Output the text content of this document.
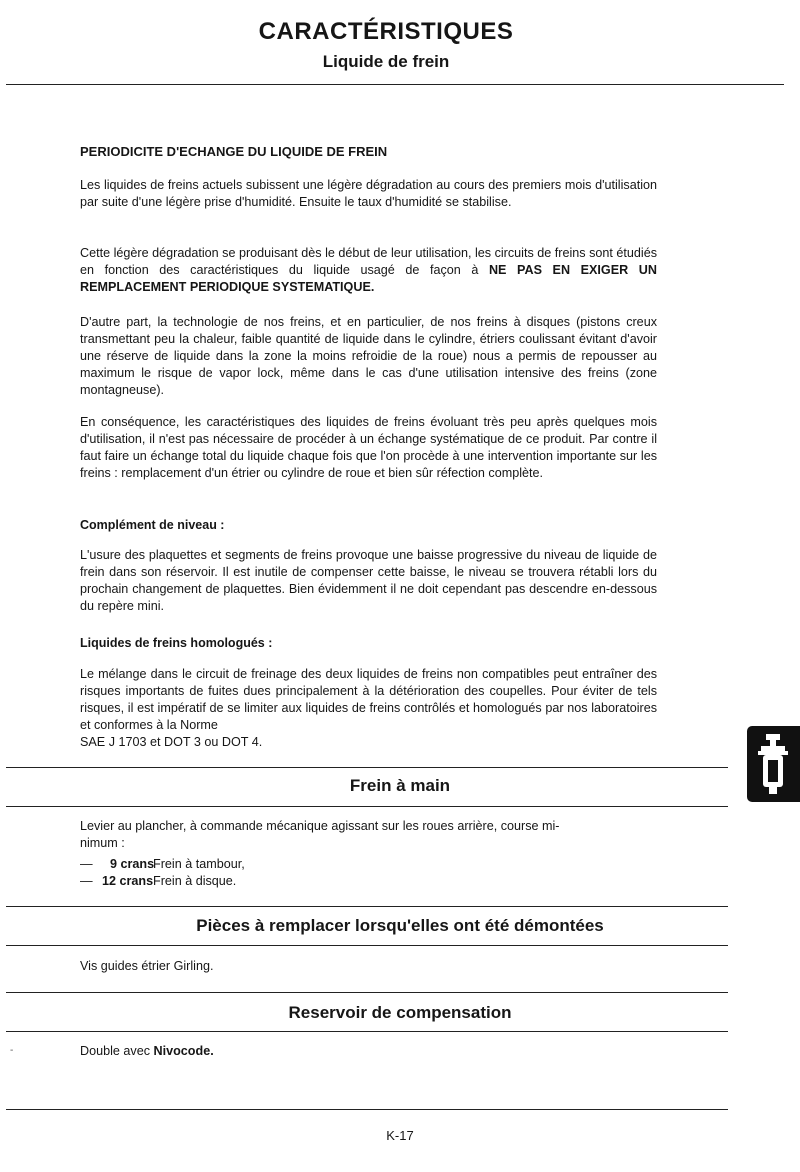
CARACTÉRISTIQUES
Liquide de frein
PERIODICITE D'ECHANGE DU LIQUIDE DE FREIN
Les liquides de freins actuels subissent une légère dégradation au cours des premiers mois d'utilisation par suite d'une légère prise d'humidité. Ensuite le taux d'humidité se stabilise.
Cette légère dégradation se produisant dès le début de leur utilisation, les circuits de freins sont étudiés en fonction des caractéristiques du liquide usagé de façon à NE PAS EN EXIGER UN REMPLACEMENT PERIODIQUE SYSTEMATIQUE.
D'autre part, la technologie de nos freins, et en particulier, de nos freins à disques (pistons creux transmettant peu la chaleur, faible quantité de liquide dans le cylindre, étriers coulissant évitant d'avoir une réserve de liquide dans la zone la moins refroidie de la roue) nous a permis de repousser au maximum le risque de vapor lock, même dans le cas d'une utilisation intensive des freins (zone montagneuse).
En conséquence, les caractéristiques des liquides de freins évoluant très peu après quelques mois d'utilisation, il n'est pas nécessaire de procéder à un échange systématique de ce produit. Par contre il faut faire un échange total du liquide chaque fois que l'on procède à une intervention importante sur les freins : remplacement d'un étrier ou cylindre de roue et bien sûr réfection complète.
Complément de niveau :
L'usure des plaquettes et segments de freins provoque une baisse progressive du niveau de liquide de frein dans son réservoir. Il est inutile de compenser cette baisse, le niveau se trouvera rétabli lors du prochain changement de plaquettes. Bien évidemment il ne doit cependant pas descendre en-dessous du repère mini.
Liquides de freins homologués :
Le mélange dans le circuit de freinage des deux liquides de freins non compatibles peut entraîner des risques importants de fuites dues principalement à la détérioration des coupelles. Pour éviter de tels risques, il est impératif de se limiter aux liquides de freins contrôlés et homologués par nos laboratoires et conformes à la Norme
SAE J 1703 et DOT 3 ou DOT 4.
Frein à main
Levier au plancher, à commande mécanique agissant sur les roues arrière, course mi-
nimum :
— 9 cransFrein à tambour,
— 12 cransFrein à disque.
Pièces à remplacer lorsqu'elles ont été démontées
Vis guides étrier Girling.
Reservoir de compensation
Double avec Nivocode.
-
K-17
